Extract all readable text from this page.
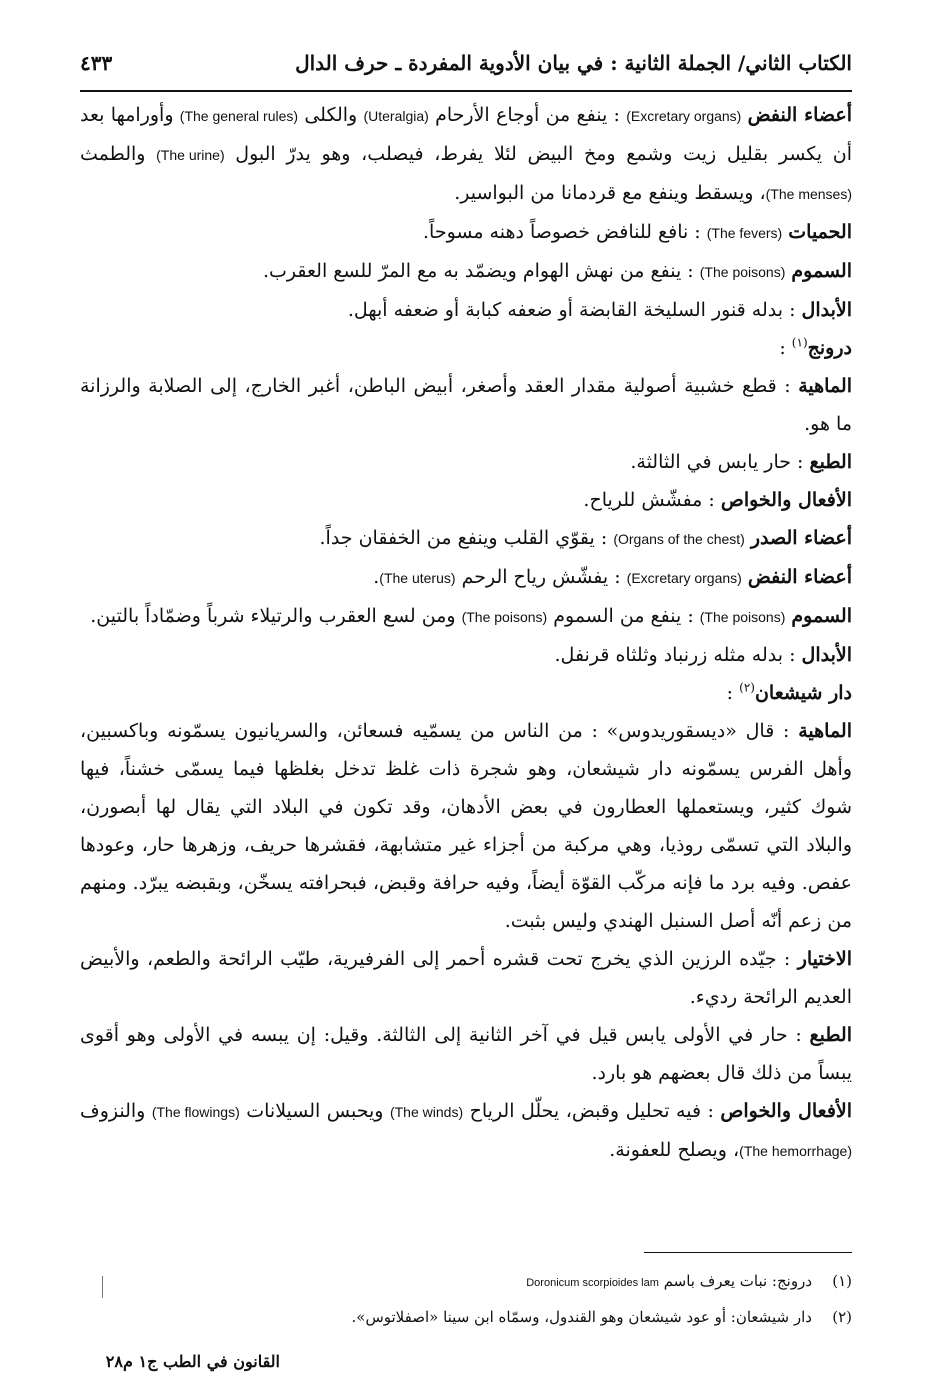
الكتاب الثاني/ الجملة الثانية : في بيان الأدوية المفردة ـ حرف الدال
٤٣٣

أعضاء النفض (Excretary organs) : ينفع من أوجاع الأرحام (Uteralgia) والكلى (The general rules) وأورامها بعد أن يكسر بقليل زيت وشمع ومخ البيض لئلا يفرط، فيصلب، وهو يدرّ البول (The urine) والطمث (The menses)، ويسقط وينفع مع قردمانا من البواسير.

الحميات (The fevers) : نافع للنافض خصوصاً دهنه مسوحاً.

السموم (The poisons) : ينفع من نهش الهوام ويضمّد به مع المرّ للسع العقرب.

الأبدال : بدله قنور السليخة القابضة أو ضعفه كبابة أو ضعفه أبهل.

درونج$^{(١)}$ :

الماهية : قطع خشبية أصولية مقدار العقد وأصغر، أبيض الباطن، أغبر الخارج، إلى الصلابة والرزانة ما هو.

الطبع : حار يابس في الثالثة.

الأفعال والخواص : مفشّش للرياح.

أعضاء الصدر (Organs of the chest) : يقوّي القلب وينفع من الخفقان جداً.

أعضاء النفض (Excretary organs) : يفشّش رياح الرحم (The uterus).

السموم (The poisons) : ينفع من السموم (The poisons) ومن لسع العقرب والرتيلاء شرباً وضمّاداً بالتين.

الأبدال : بدله مثله زرنباد وثلثاه قرنفل.

دار شيشعان$^{(٢)}$ :

الماهية : قال «ديسقوريدوس» : من الناس من يسمّيه فسعائن، والسريانيون يسمّونه وباكسبين، وأهل الفرس يسمّونه دار شيشعان، وهو شجرة ذات غلظ تدخل بغلظها فيما يسمّى خشناً، فيها شوك كثير، ويستعملها العطارون في بعض الأدهان، وقد تكون في البلاد التي يقال لها أبصورن، والبلاد التي تسمّى روذيا، وهي مركبة من أجزاء غير متشابهة، فقشرها حريف، وزهرها حار، وعودها عفص. وفيه برد ما فإنه مركّب القوّة أيضاً، وفيه حرافة وقبض، فبحرافته يسخّن، وبقبضه يبرّد. ومنهم من زعم أنّه أصل السنبل الهندي وليس بثبت.

الاختيار : جيّده الرزين الذي يخرج تحت قشره أحمر إلى الفرفيرية، طيّب الرائحة والطعم، والأبيض العديم الرائحة رديء.

الطبع : حار في الأولى يابس قيل في آخر الثانية إلى الثالثة. وقيل: إن يبسه في الأولى وهو أقوى يبساً من ذلك قال بعضهم هو بارد.

الأفعال والخواص : فيه تحليل وقبض، يحلّل الرياح (The winds) ويحبس السيلانات (The flowings) والنزوف (The hemorrhage)، ويصلح للعفونة.

(١)درونج: نبات يعرف باسم Doronicum scorpioides lam
(٢)دار شيشعان: أو عود شيشعان وهو القندول، وسمّاه ابن سينا «اصفلاتوس».
القانون في الطب ج١ م٢٨
